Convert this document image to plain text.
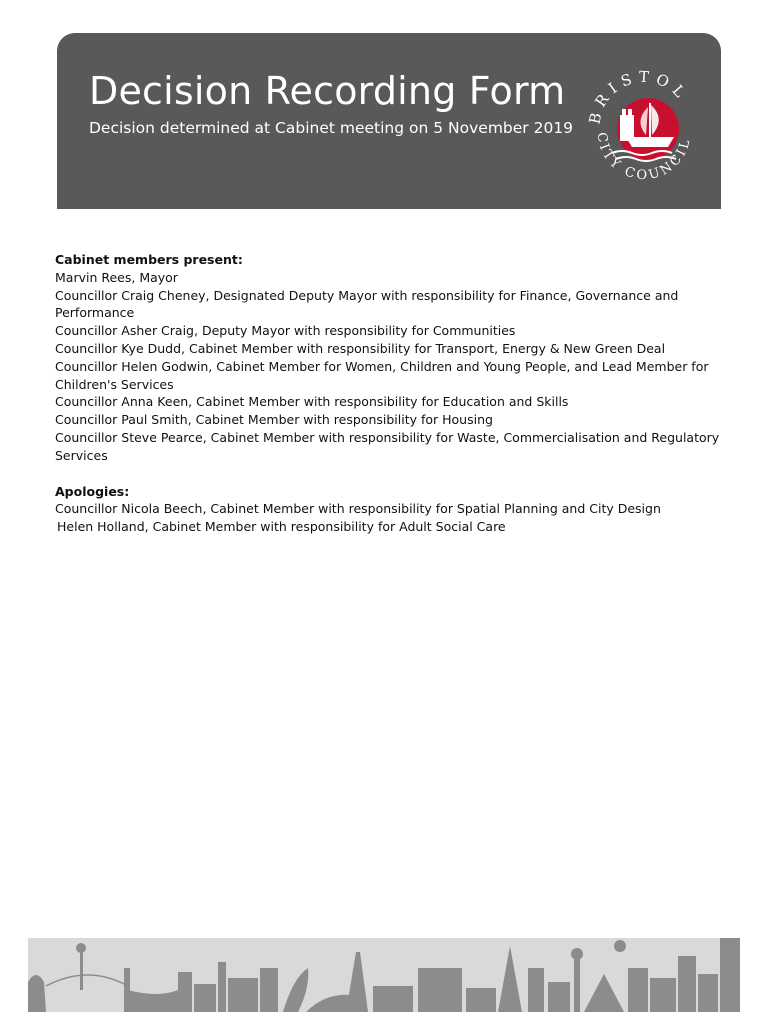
Decision Recording Form
Decision determined at Cabinet meeting on 5 November 2019
BRISTOL
CITY COUNCIL

Cabinet members present:

Marvin Rees, Mayor

Councillor Craig Cheney, Designated Deputy Mayor with responsibility for Finance, Governance and Performance

Councillor Asher Craig, Deputy Mayor with responsibility for Communities

Councillor Kye Dudd, Cabinet Member with responsibility for Transport, Energy & New Green Deal

Councillor Helen Godwin, Cabinet Member for Women, Children and Young People, and Lead Member for Children's Services

Councillor Anna Keen, Cabinet Member with responsibility for Education and Skills

Councillor Paul Smith, Cabinet Member with responsibility for Housing

Councillor Steve Pearce, Cabinet Member with responsibility for Waste, Commercialisation and Regulatory Services

Apologies:

Councillor Nicola Beech, Cabinet Member with responsibility for Spatial Planning and City Design

Helen Holland, Cabinet Member with responsibility for Adult Social Care
